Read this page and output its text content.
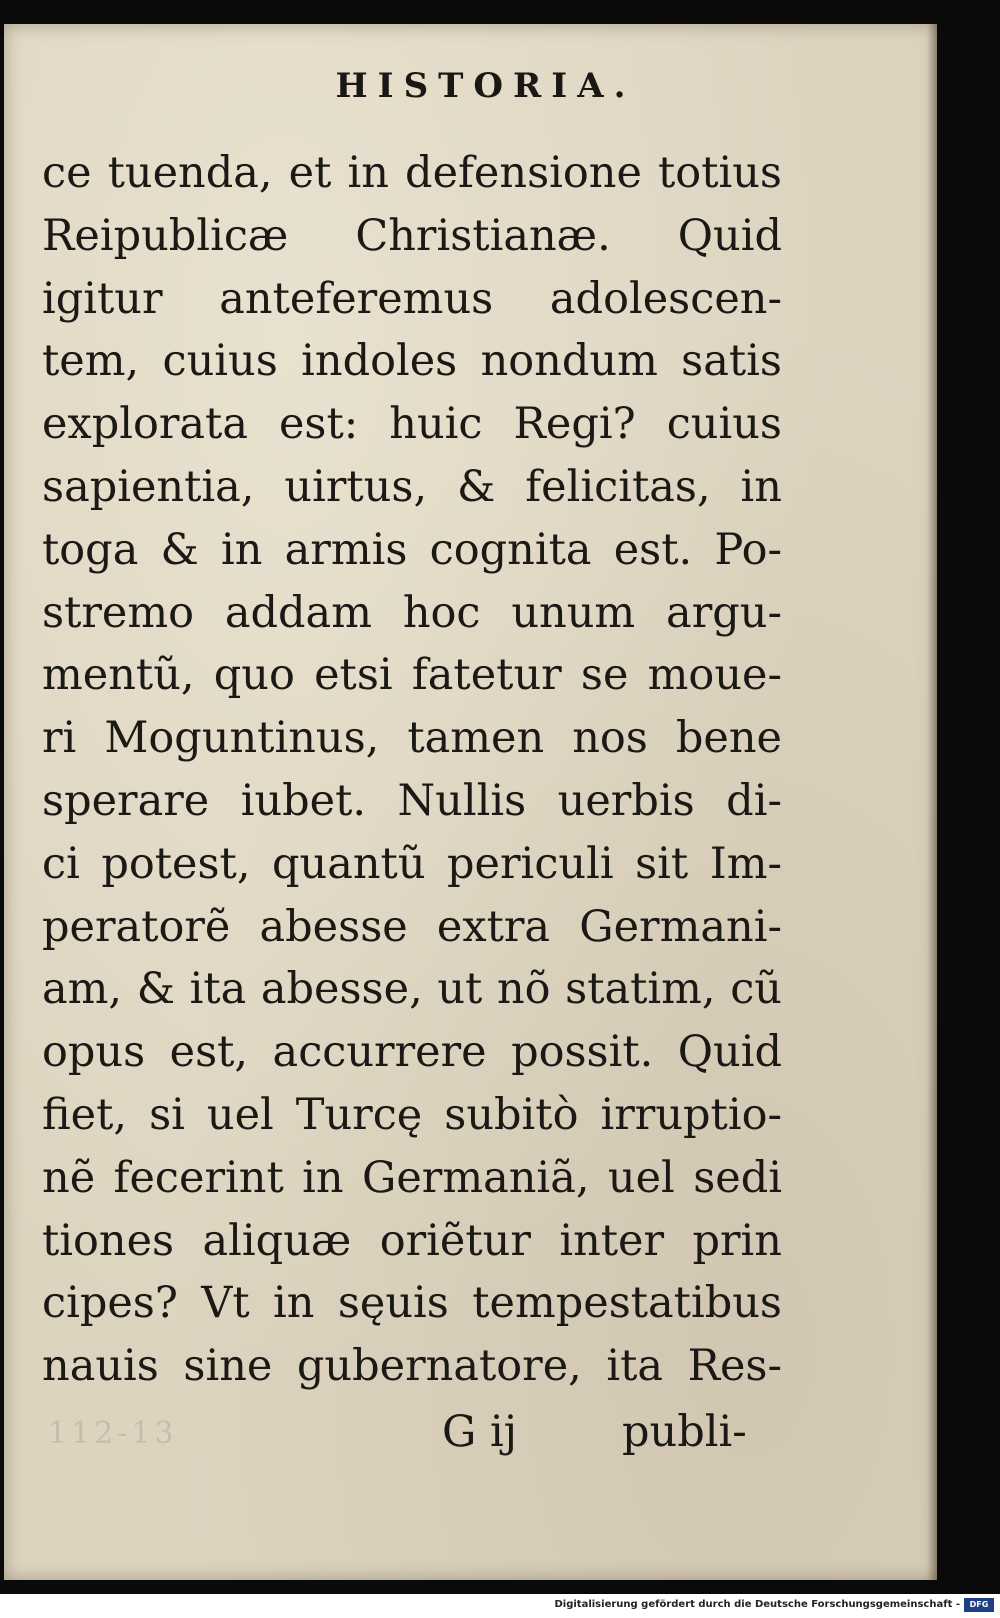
HISTORIA.
ce tuenda, et in defensione totius
Reipublicæ Christianæ. Quid
igitur anteferemus adolescen-
tem, cuius indoles nondum satis
explorata est: huic Regi? cuius
sapientia, uirtus, & felicitas, in
toga & in armis cognita est. Po-
stremo addam hoc unum argu-
mentũ, quo etsi fatetur se moue-
ri Moguntinus, tamen nos bene
sperare iubet. Nullis uerbis di-
ci potest, quantũ periculi sit Im-
peratorẽ abesse extra Germani-
am, & ita abesse, ut nõ statim, cũ
opus est, accurrere possit. Quid
fiet, si uel Turcę subitò irruptio-
nẽ fecerint in Germaniã, uel sedi
tiones aliquæ oriẽtur inter prin
cipes? Vt in sęuis tempestatibus
nauis sine gubernatore, ita Res-
112-13	G ij publi-
Digitalisierung gefördert durch die Deutsche Forschungsgemeinschaft -	DFG
